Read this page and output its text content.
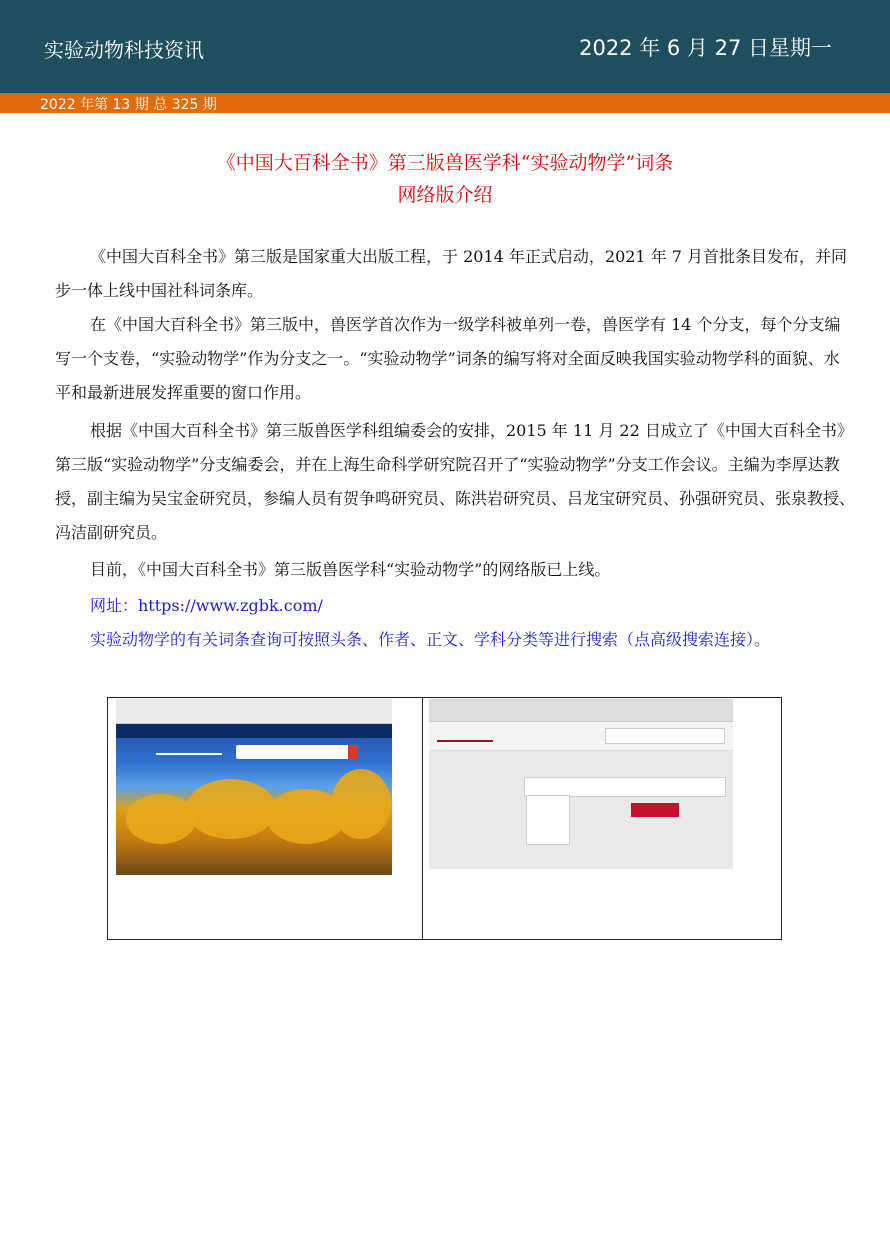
实验动物科技资讯	2022 年 6 月 27 日星期一
2022 年第 13 期 总 325 期
《中国大百科全书》第三版兽医学科“实验动物学”词条
网络版介绍

《中国大百科全书》第三版是国家重大出版工程，于 2014 年正式启动，2021 年 7 月首批条目发布，并同步一体上线中国社科词条库。

在《中国大百科全书》第三版中，兽医学首次作为一级学科被单列一卷，兽医学有 14 个分支，每个分支编写一个支卷，“实验动物学”作为分支之一。“实验动物学”词条的编写将对全面反映我国实验动物学科的面貌、水平和最新进展发挥重要的窗口作用。

根据《中国大百科全书》第三版兽医学科组编委会的安排，2015 年 11 月 22 日成立了《中国大百科全书》第三版“实验动物学”分支编委会，并在上海生命科学研究院召开了“实验动物学”分支工作会议。主编为李厚达教授，副主编为吴宝金研究员，参编人员有贺争鸣研究员、陈洪岩研究员、吕龙宝研究员、孙强研究员、张泉教授、冯洁副研究员。

目前，《中国大百科全书》第三版兽医学科“实验动物学”的网络版已上线。

网址：https://www.zgbk.com/

实验动物学的有关词条查询可按照头条、作者、正文、学科分类等进行搜索（点高级搜索连接）。
